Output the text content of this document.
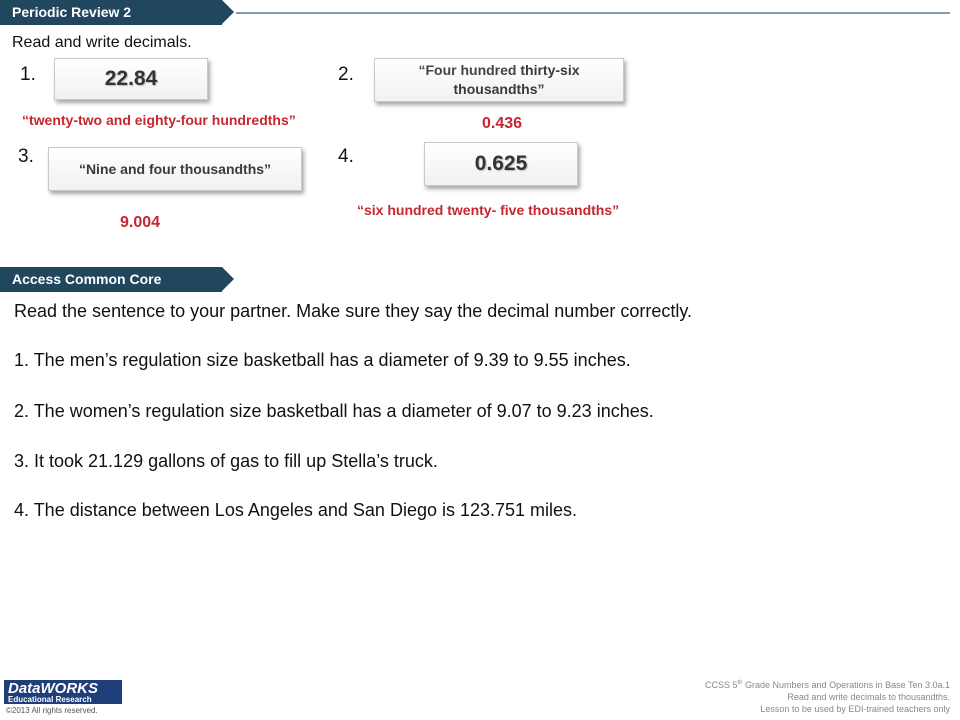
Periodic Review 2
Read and write decimals.
1.	22.84
“twenty-two and eighty-four hundredths”
2.	“Four hundred thirty-six thousandths”
0.436
3.
“Nine and four thousandths”
9.004
4.	0.625
“six hundred twenty- five thousandths”
Access Common Core
Read the sentence to your partner. Make sure they say the decimal number correctly.
1. The men’s regulation size basketball has a diameter of 9.39 to 9.55 inches.
2. The women’s regulation size basketball has a diameter of 9.07 to 9.23 inches.
3. It took 21.129 gallons of gas to fill up Stella’s truck.
4. The distance between Los Angeles and San Diego is 123.751 miles.
DataWORKS
Educational Research
©2013 All rights reserved.
CCSS 5th Grade Numbers and Operations in Base Ten 3.0a.1
Read and write decimals to thousandths.
Lesson to be used by EDI-trained teachers only
